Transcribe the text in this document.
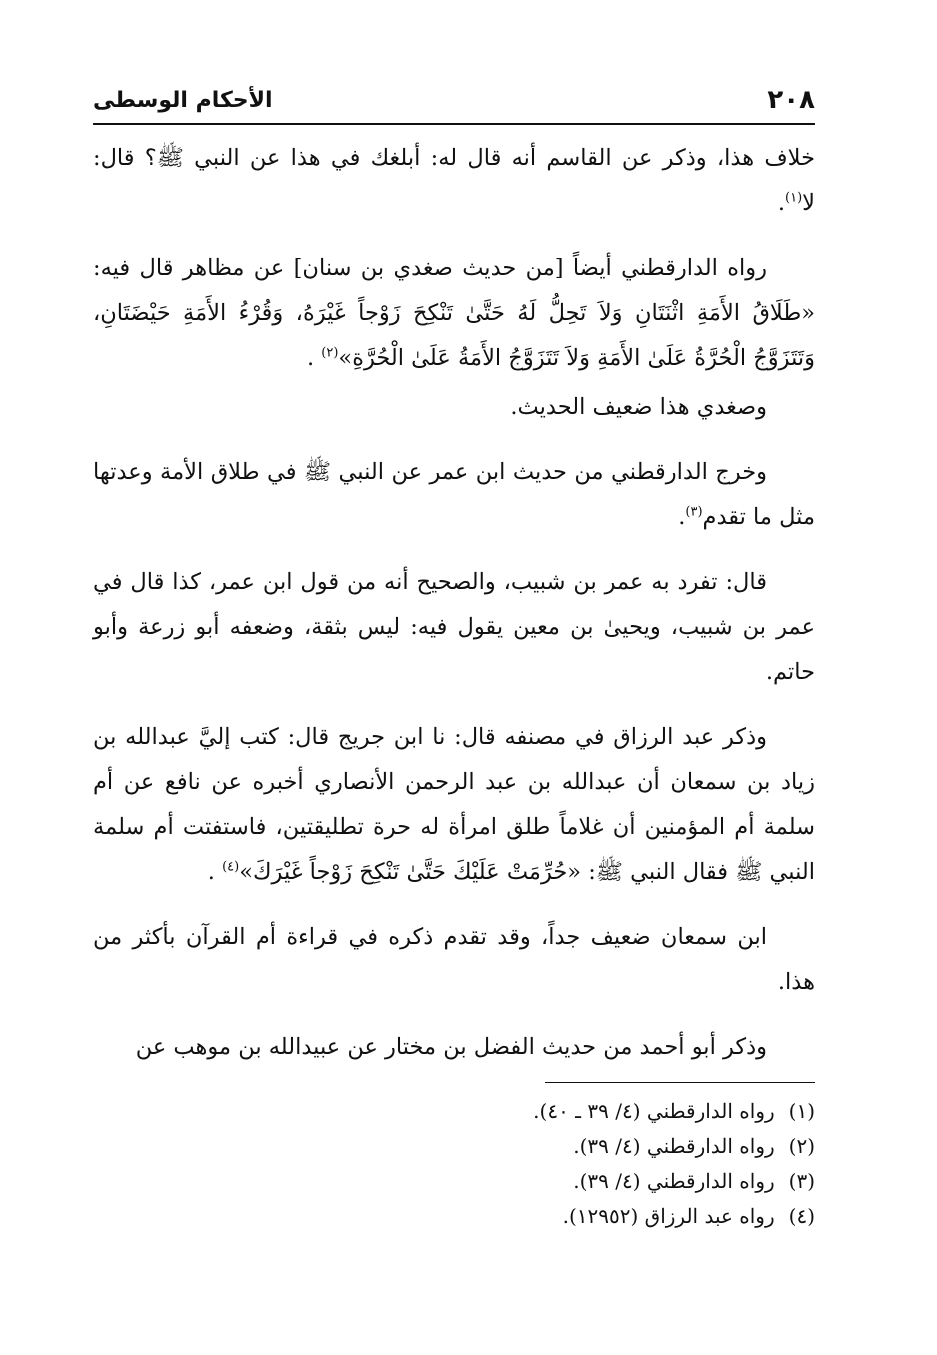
٢٠٨
الأحكام الوسطى

خلاف هذا، وذكر عن القاسم أنه قال له: أبلغك في هذا عن النبي ﷺ؟ قال: لا$^{(١)}$.

رواه الدارقطني أيضاً [من حديث صغدي بن سنان] عن مظاهر قال فيه: «طَلَاقُ الأَمَةِ اثْنَتَانِ وَلاَ تَحِلُّ لَهُ حَتَّىٰ تَنْكِحَ زَوْجاً غَيْرَهُ، وَقُرْءُ الأَمَةِ حَيْضَتَانِ، وَتَتَزَوَّجُ الْحُرَّةُ عَلَىٰ الأَمَةِ وَلاَ تَتَزَوَّجُ الأَمَةُ عَلَىٰ الْحُرَّةِ»$^{(٢)}$ .

وصغدي هذا ضعيف الحديث.

وخرج الدارقطني من حديث ابن عمر عن النبي ﷺ في طلاق الأمة وعدتها مثل ما تقدم$^{(٣)}$.

قال: تفرد به عمر بن شبيب، والصحيح أنه من قول ابن عمر، كذا قال في عمر بن شبيب، ويحيىٰ بن معين يقول فيه: ليس بثقة، وضعفه أبو زرعة وأبو حاتم.

وذكر عبد الرزاق في مصنفه قال: نا ابن جريج قال: كتب إليَّ عبدالله بن زياد بن سمعان أن عبدالله بن عبد الرحمن الأنصاري أخبره عن نافع عن أم سلمة أم المؤمنين أن غلاماً طلق امرأة له حرة تطليقتين، فاستفتت أم سلمة النبي ﷺ فقال النبي ﷺ: «حُرِّمَتْ عَلَيْكَ حَتَّىٰ تَنْكِحَ زَوْجاً غَيْرَكَ»$^{(٤)}$ .

ابن سمعان ضعيف جداً، وقد تقدم ذكره في قراءة أم القرآن بأكثر من هذا.

وذكر أبو أحمد من حديث الفضل بن مختار عن عبيدالله بن موهب عن

(١) رواه الدارقطني (٤/ ٣٩ ـ ٤٠).
(٢) رواه الدارقطني (٤/ ٣٩).
(٣) رواه الدارقطني (٤/ ٣٩).
(٤) رواه عبد الرزاق (١٢٩٥٢).
